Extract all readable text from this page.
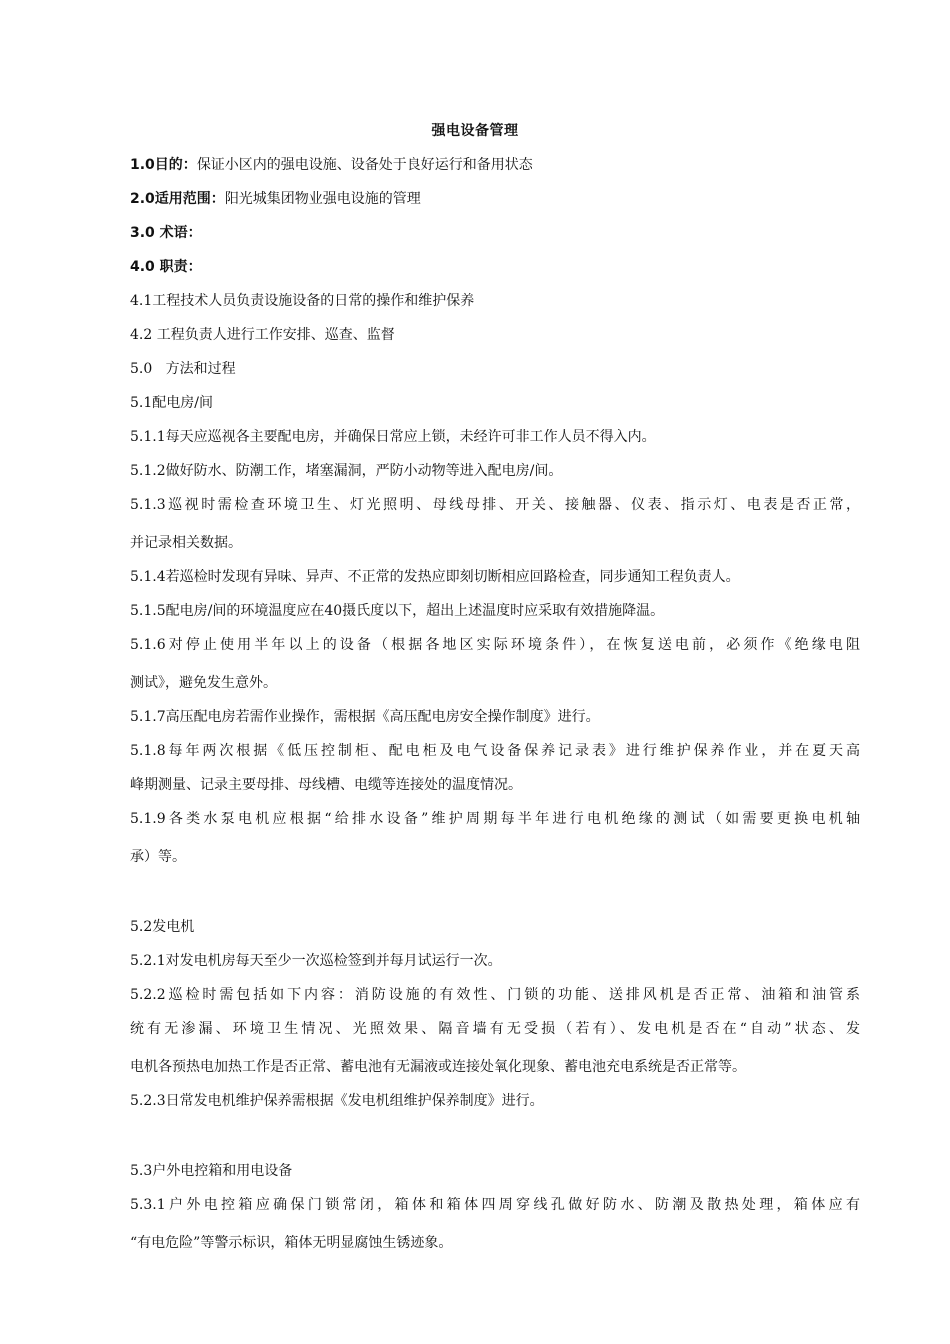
强电设备管理
1.0目的：保证小区内的强电设施、设备处于良好运行和备用状态
2.0适用范围：阳光城集团物业强电设施的管理
3.0 术语：
4.0 职责：
4.1工程技术人员负责设施设备的日常的操作和维护保养
4.2 工程负责人进行工作安排、巡查、监督
5.0   方法和过程
5.1配电房/间
5.1.1每天应巡视各主要配电房，并确保日常应上锁，未经许可非工作人员不得入内。
5.1.2做好防水、防潮工作，堵塞漏洞，严防小动物等进入配电房/间。
5.1.3巡视时需检查环境卫生、灯光照明、母线母排、开关、接触器、仪表、指示灯、电表是否正常，
并记录相关数据。
5.1.4若巡检时发现有异味、异声、不正常的发热应即刻切断相应回路检查，同步通知工程负责人。
5.1.5配电房/间的环境温度应在40摄氏度以下，超出上述温度时应采取有效措施降温。
5.1.6对停止使用半年以上的设备（根据各地区实际环境条件），在恢复送电前，必须作《绝缘电阻
测试》，避免发生意外。
5.1.7高压配电房若需作业操作，需根据《高压配电房安全操作制度》进行。
5.1.8每年两次根据《低压控制柜、配电柜及电气设备保养记录表》进行维护保养作业，并在夏天高
峰期测量、记录主要母排、母线槽、电缆等连接处的温度情况。
5.1.9各类水泵电机应根据“给排水设备”维护周期每半年进行电机绝缘的测试（如需要更换电机轴
承）等。
5.2发电机
5.2.1对发电机房每天至少一次巡检签到并每月试运行一次。
5.2.2巡检时需包括如下内容：消防设施的有效性、门锁的功能、送排风机是否正常、油箱和油管系
统有无渗漏、环境卫生情况、光照效果、隔音墙有无受损（若有）、发电机是否在“自动”状态、发
电机各预热电加热工作是否正常、蓄电池有无漏液或连接处氧化现象、蓄电池充电系统是否正常等。
5.2.3日常发电机维护保养需根据《发电机组维护保养制度》进行。
5.3户外电控箱和用电设备
5.3.1户外电控箱应确保门锁常闭，箱体和箱体四周穿线孔做好防水、防潮及散热处理，箱体应有
“有电危险”等警示标识，箱体无明显腐蚀生锈迹象。
